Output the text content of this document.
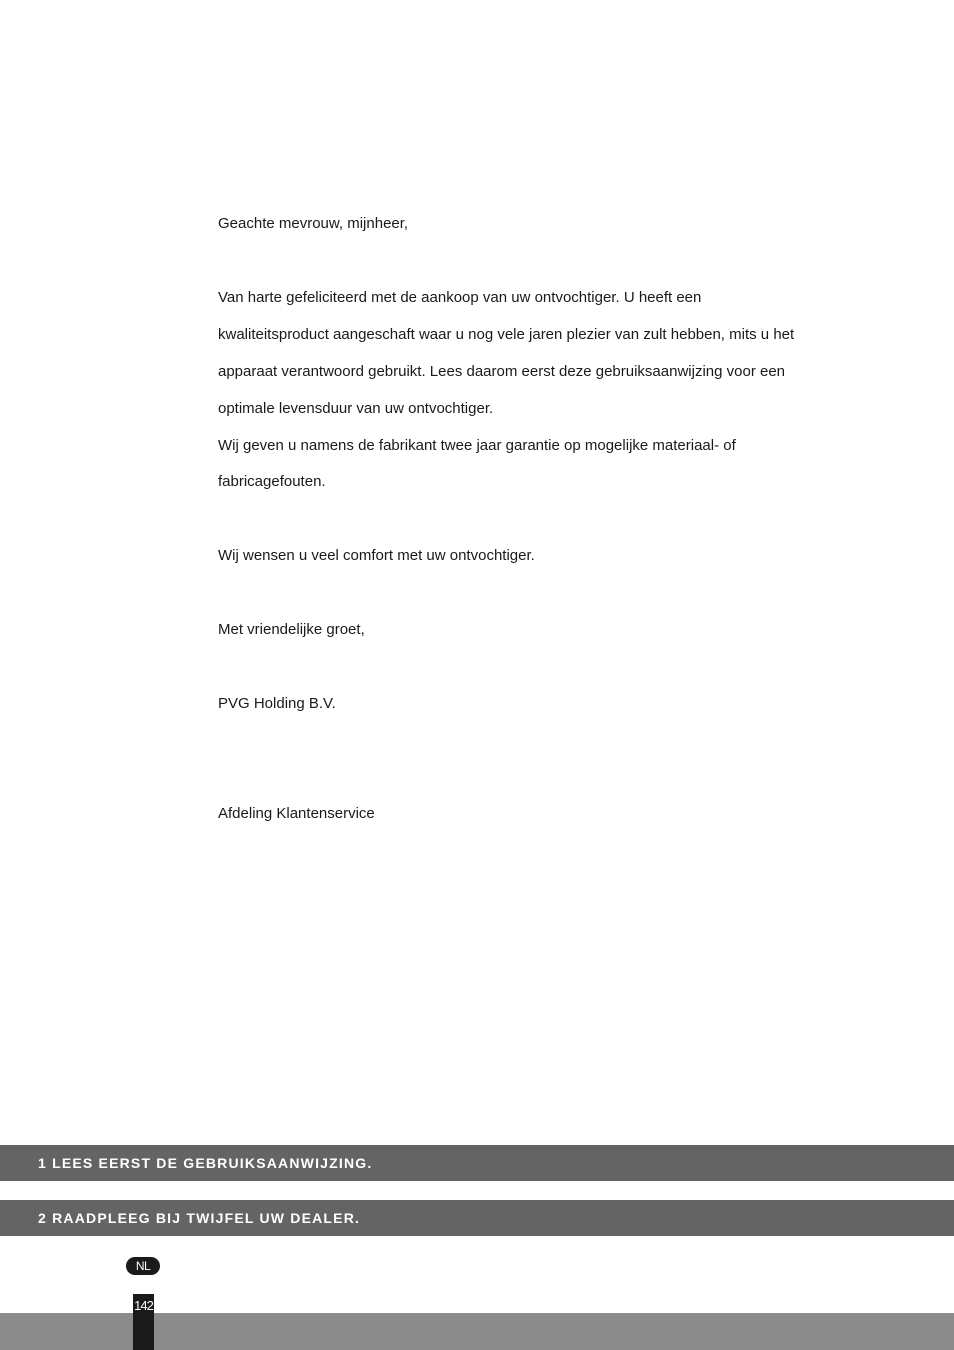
Geachte mevrouw, mijnheer,
Van harte gefeliciteerd met de aankoop van uw ontvochtiger. U heeft een
kwaliteitsproduct aangeschaft waar u nog vele jaren plezier van zult hebben, mits u het
apparaat verantwoord gebruikt. Lees daarom eerst deze gebruiksaanwijzing voor een
optimale levensduur van uw ontvochtiger.
Wij geven u namens de fabrikant twee jaar garantie op mogelijke materiaal- of
fabricagefouten.
Wij wensen u veel comfort met uw ontvochtiger.
Met vriendelijke groet,
PVG Holding B.V.
Afdeling Klantenservice
1 LEES EERST DE GEBRUIKSAANWIJZING.
2 RAADPLEEG BIJ TWIJFEL UW DEALER.
NL
142
